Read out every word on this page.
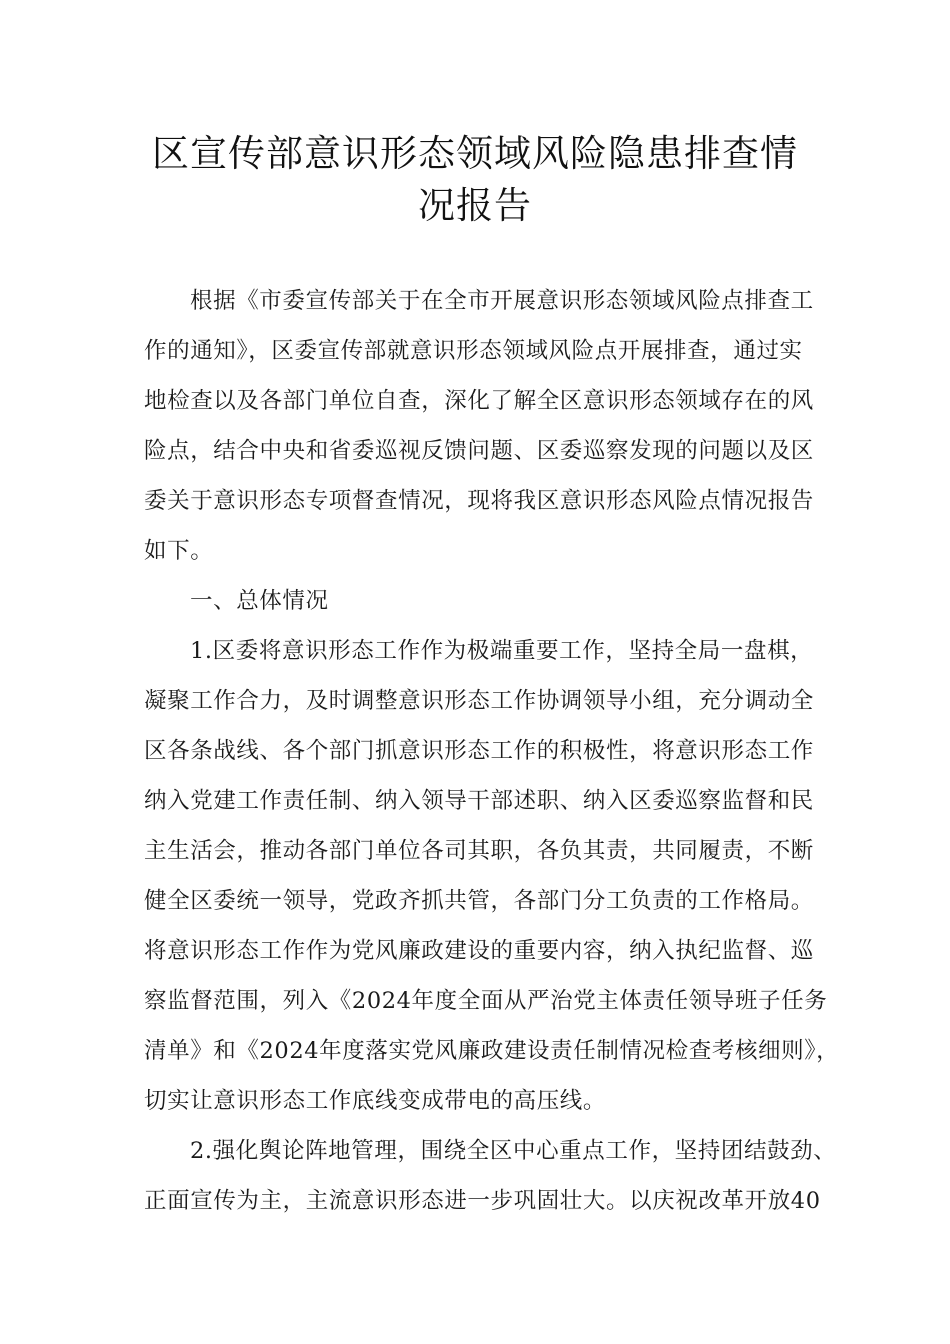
区宣传部意识形态领域风险隐患排查情
况报告
根据《市委宣传部关于在全市开展意识形态领域风险点排查工
作的通知》，区委宣传部就意识形态领域风险点开展排查，通过实
地检查以及各部门单位自查，深化了解全区意识形态领域存在的风
险点，结合中央和省委巡视反馈问题、区委巡察发现的问题以及区
委关于意识形态专项督查情况，现将我区意识形态风险点情况报告
如下。
一、总体情况
1.区委将意识形态工作作为极端重要工作，坚持全局一盘棋，
凝聚工作合力，及时调整意识形态工作协调领导小组，充分调动全
区各条战线、各个部门抓意识形态工作的积极性，将意识形态工作
纳入党建工作责任制、纳入领导干部述职、纳入区委巡察监督和民
主生活会，推动各部门单位各司其职，各负其责，共同履责，不断
健全区委统一领导，党政齐抓共管，各部门分工负责的工作格局。
将意识形态工作作为党风廉政建设的重要内容，纳入执纪监督、巡
察监督范围，列入《2024年度全面从严治党主体责任领导班子任务
清单》和《2024年度落实党风廉政建设责任制情况检查考核细则》，
切实让意识形态工作底线变成带电的高压线。
2.强化舆论阵地管理，围绕全区中心重点工作，坚持团结鼓劲、
正面宣传为主，主流意识形态进一步巩固壮大。以庆祝改革开放40
